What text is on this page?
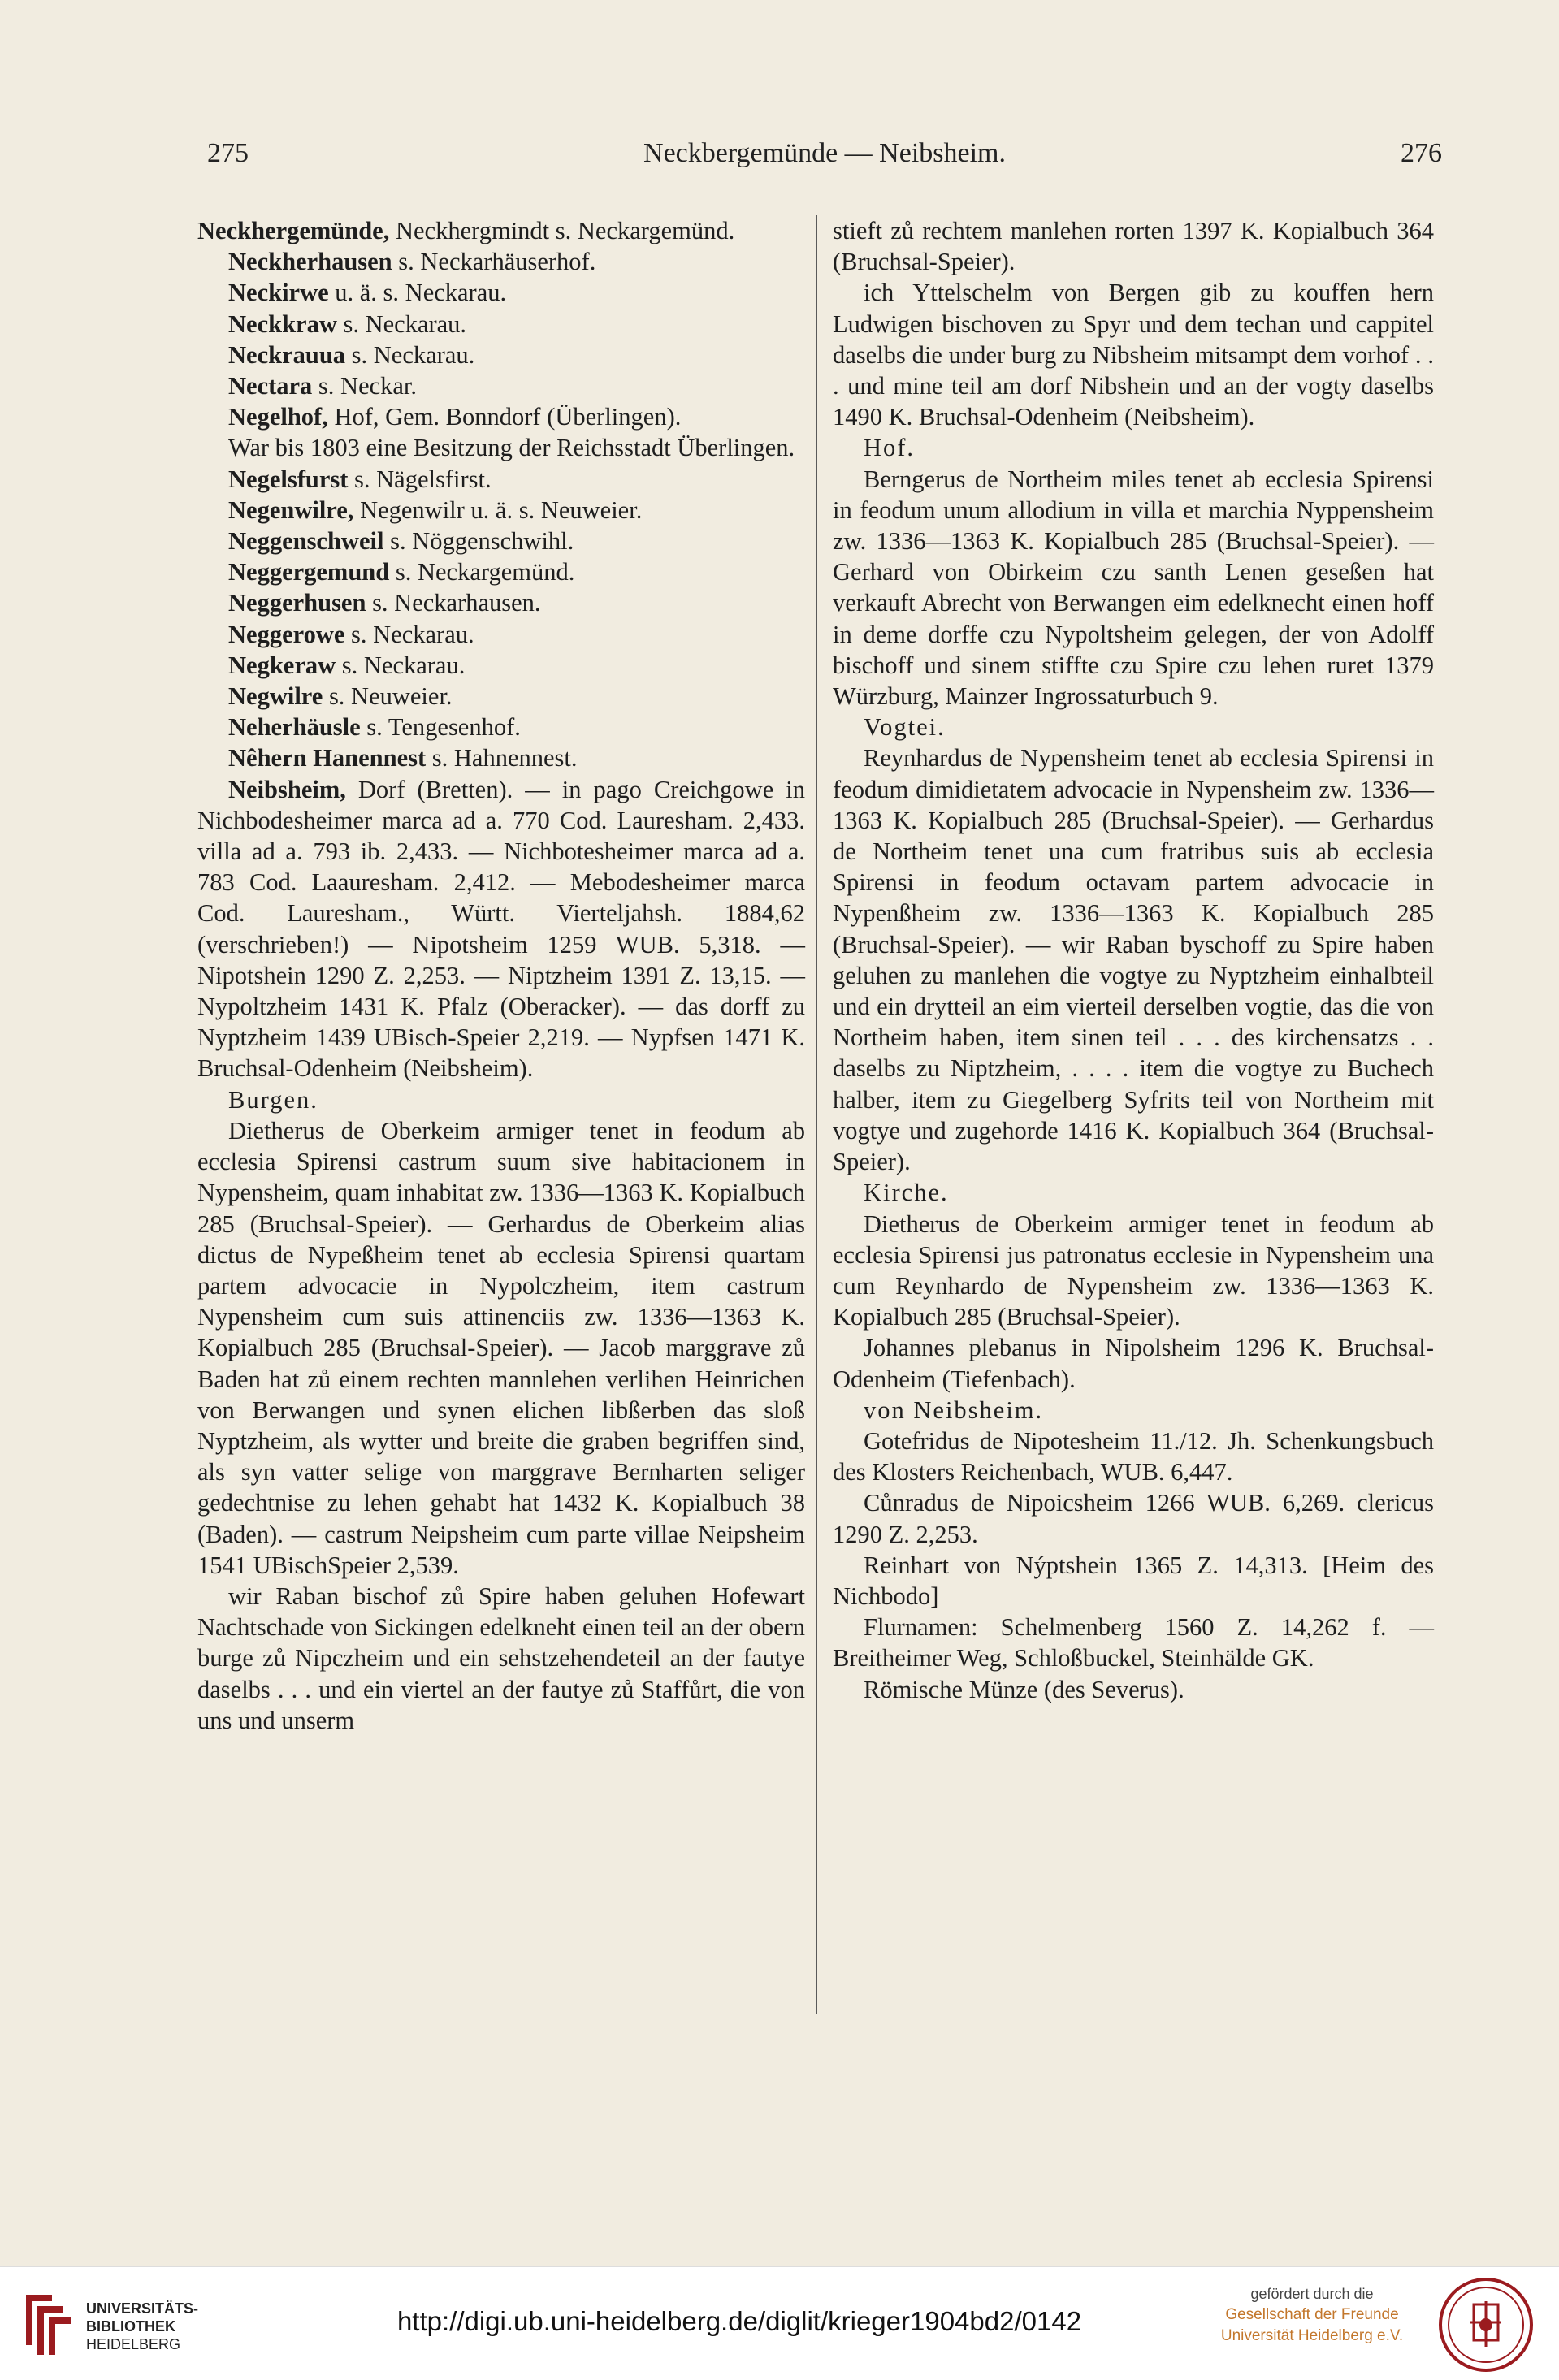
275	Neckbergemünde — Neibsheim.	276

Neckhergemünde, Neckhergmindt s. Neckargemünd.

Neckherhausen s. Neckarhäuserhof.

Neckirwe u. ä. s. Neckarau.

Neckkraw s. Neckarau.

Neckrauua s. Neckarau.

Nectara s. Neckar.

Negelhof, Hof, Gem. Bonndorf (Überlingen).

War bis 1803 eine Besitzung der Reichsstadt Überlingen.

Negelsfurst s. Nägelsfirst.

Negenwilre, Negenwilr u. ä. s. Neuweier.

Neggenschweil s. Nöggenschwihl.

Neggergemund s. Neckargemünd.

Neggerhusen s. Neckarhausen.

Neggerowe s. Neckarau.

Negkeraw s. Neckarau.

Negwilre s. Neuweier.

Neherhäusle s. Tengesenhof.

Nêhern Hanennest s. Hahnennest.

Neibsheim, Dorf (Bretten). — in pago Creichgowe in Nichbodesheimer marca ad a. 770 Cod. Lauresham. 2,433. villa ad a. 793 ib. 2,433. — Nichbotesheimer marca ad a. 783 Cod. Laauresham. 2,412. — Mebodesheimer marca Cod. Lauresham., Württ. Vierteljahsh. 1884,62 (verschrieben!) — Nipotsheim 1259 WUB. 5,318. — Nipotshein 1290 Z. 2,253. — Niptzheim 1391 Z. 13,15. — Nypoltzheim 1431 K. Pfalz (Oberacker). — das dorff zu Nyptzheim 1439 UBisch-Speier 2,219. — Nypfsen 1471 K. Bruchsal-Odenheim (Neibsheim).

Burgen.

Dietherus de Oberkeim armiger tenet in feodum ab ecclesia Spirensi castrum suum sive habitacionem in Nypensheim, quam inhabitat zw. 1336—1363 K. Kopialbuch 285 (Bruchsal-Speier). — Gerhardus de Oberkeim alias dictus de Nypeßheim tenet ab ecclesia Spirensi quartam partem advocacie in Nypolczheim, item castrum Nypensheim cum suis attinenciis zw. 1336—1363 K. Kopialbuch 285 (Bruchsal-Speier). — Jacob marggrave zů Baden hat zů einem rechten mannlehen verlihen Heinrichen von Berwangen und synen elichen libßerben das sloß Nyptzheim, als wytter und breite die graben begriffen sind, als syn vatter selige von marggrave Bernharten seliger gedechtnise zu lehen gehabt hat 1432 K. Kopialbuch 38 (Baden). — castrum Neipsheim cum parte villae Neipsheim 1541 UBischSpeier 2,539.

wir Raban bischof zů Spire haben geluhen Hofewart Nachtschade von Sickingen edelkneht einen teil an der obern burge zů Nipczheim und ein sehstzehendeteil an der fautye daselbs . . . und ein viertel an der fautye zů Staffůrt, die von uns und unserm

stieft zů rechtem manlehen rorten 1397 K. Kopialbuch 364 (Bruchsal-Speier).

ich Yttelschelm von Bergen gib zu kouffen hern Ludwigen bischoven zu Spyr und dem techan und cappitel daselbs die under burg zu Nibsheim mitsampt dem vorhof . . . und mine teil am dorf Nibshein und an der vogty daselbs 1490 K. Bruchsal-Odenheim (Neibsheim).

Hof.

Berngerus de Northeim miles tenet ab ecclesia Spirensi in feodum unum allodium in villa et marchia Nyppensheim zw. 1336—1363 K. Kopialbuch 285 (Bruchsal-Speier). — Gerhard von Obirkeim czu santh Lenen geseßen hat verkauft Abrecht von Berwangen eim edelknecht einen hoff in deme dorffe czu Nypoltsheim gelegen, der von Adolff bischoff und sinem stiffte czu Spire czu lehen ruret 1379 Würzburg, Mainzer Ingrossaturbuch 9.

Vogtei.

Reynhardus de Nypensheim tenet ab ecclesia Spirensi in feodum dimidietatem advocacie in Nypensheim zw. 1336—1363 K. Kopialbuch 285 (Bruchsal-Speier). — Gerhardus de Northeim tenet una cum fratribus suis ab ecclesia Spirensi in feodum octavam partem advocacie in Nypenßheim zw. 1336—1363 K. Kopialbuch 285 (Bruchsal-Speier). — wir Raban byschoff zu Spire haben geluhen zu manlehen die vogtye zu Nyptzheim einhalbteil und ein drytteil an eim vierteil derselben vogtie, das die von Northeim haben, item sinen teil . . . des kirchensatzs . . daselbs zu Niptzheim, . . . . item die vogtye zu Buchech halber, item zu Giegelberg Syfrits teil von Northeim mit vogtye und zugehorde 1416 K. Kopialbuch 364 (Bruchsal-Speier).

Kirche.

Dietherus de Oberkeim armiger tenet in feodum ab ecclesia Spirensi jus patronatus ecclesie in Nypensheim una cum Reynhardo de Nypensheim zw. 1336—1363 K. Kopialbuch 285 (Bruchsal-Speier).

Johannes plebanus in Nipolsheim 1296 K. Bruchsal-Odenheim (Tiefenbach).

von Neibsheim.

Gotefridus de Nipotesheim 11./12. Jh. Schenkungsbuch des Klosters Reichenbach, WUB. 6,447.

Cůnradus de Nipoicsheim 1266 WUB. 6,269. clericus 1290 Z. 2,253.

Reinhart von Nýptshein 1365 Z. 14,313. [Heim des Nichbodo]

Flurnamen: Schelmenberg 1560 Z. 14,262 f. — Breitheimer Weg, Schloßbuckel, Steinhälde GK.

Römische Münze (des Severus).

UNIVERSITÄTS-
BIBLIOTHEK
HEIDELBERG
http://digi.ub.uni-heidelberg.de/diglit/krieger1904bd2/0142
gefördert durch die
Gesellschaft der Freunde
Universität Heidelberg e.V.
